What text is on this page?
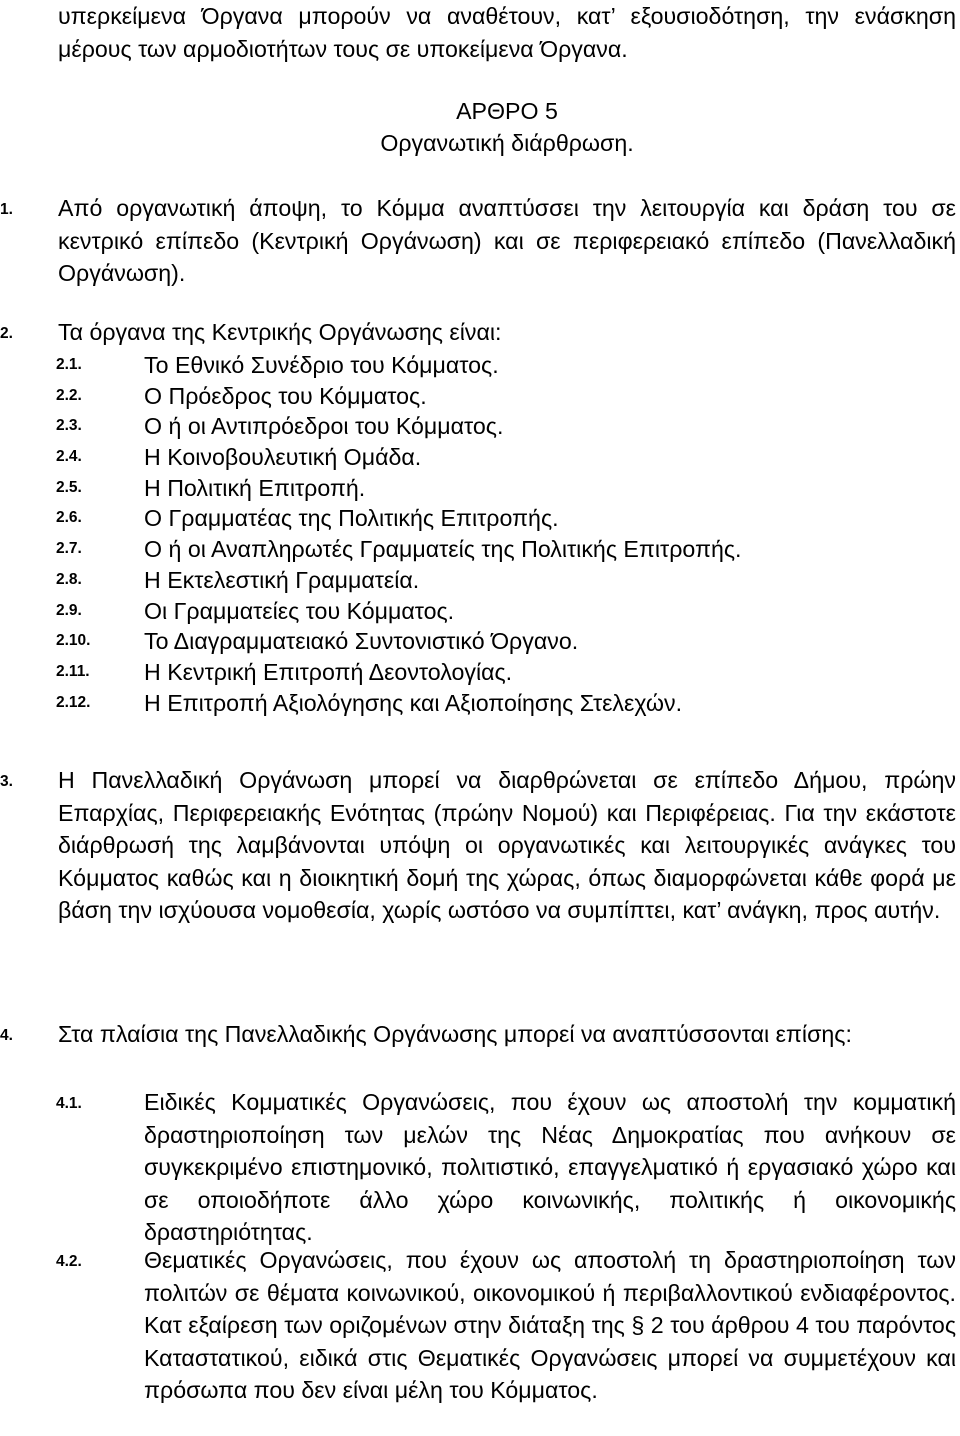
υπερκείμενα Όργανα μπορούν να αναθέτουν, κατ’ εξουσιοδότηση, την ενάσκηση μέρους των αρμοδιοτήτων τους σε υποκείμενα Όργανα.

ΑΡΘΡΟ 5

Οργανωτική διάρθρωση.

1. Από οργανωτική άποψη, το Κόμμα αναπτύσσει την λειτουργία και δράση του σε κεντρικό επίπεδο (Κεντρική Οργάνωση) και σε περιφερειακό επίπεδο (Πανελλαδική Οργάνωση).

2. Τα όργανα της Κεντρικής Οργάνωσης είναι:

2.1.	Το Εθνικό Συνέδριο του Κόμματος.
2.2.	Ο Πρόεδρος του Κόμματος.
2.3.	Ο ή οι Αντιπρόεδροι του Κόμματος.
2.4.	Η Κοινοβουλευτική Ομάδα.
2.5.	Η Πολιτική Επιτροπή.
2.6.	Ο Γραμματέας της Πολιτικής Επιτροπής.
2.7.	Ο ή οι Αναπληρωτές Γραμματείς της Πολιτικής Επιτροπής.
2.8.	Η Εκτελεστική Γραμματεία.
2.9.	Οι Γραμματείες του Κόμματος.
2.10. Το Διαγραμματειακό Συντονιστικό Όργανο.
2.11. Η Κεντρική Επιτροπή Δεοντολογίας.
2.12. Η Επιτροπή Αξιολόγησης και Αξιοποίησης Στελεχών.
3. Η Πανελλαδική Οργάνωση μπορεί να διαρθρώνεται σε επίπεδο Δήμου, πρώην Επαρχίας, Περιφερειακής Ενότητας (πρώην Νομού) και Περιφέρειας. Για την εκάστοτε διάρθρωσή της λαμβάνονται υπόψη οι οργανωτικές και λειτουργικές ανάγκες του Κόμματος καθώς και η διοικητική δομή της χώρας, όπως διαμορφώνεται κάθε φορά με βάση την ισχύουσα νομοθεσία, χωρίς ωστόσο να συμπίπτει, κατ’ ανάγκη, προς αυτήν.

4. Στα πλαίσια της Πανελλαδικής Οργάνωσης μπορεί να αναπτύσσονται επίσης:

4.1.	Ειδικές Κομματικές Οργανώσεις, που έχουν ως αποστολή την κομματική δραστηριοποίηση των μελών της Νέας Δημοκρατίας που ανήκουν σε συγκεκριμένο επιστημονικό, πολιτιστικό, επαγγελματικό ή εργασιακό χώρο και σε οποιοδήποτε άλλο χώρο κοινωνικής, πολιτικής ή οικονομικής δραστηριότητας.

4.2.	Θεματικές Οργανώσεις, που έχουν ως αποστολή τη δραστηριοποίηση των πολιτών σε θέματα κοινωνικού, οικονομικού ή περιβαλλοντικού ενδιαφέροντος. Κατ εξαίρεση των οριζομένων στην διάταξη της § 2 του άρθρου 4 του παρόντος Καταστατικού, ειδικά στις Θεματικές Οργανώσεις μπορεί να συμμετέχουν και πρόσωπα που δεν είναι μέλη του Κόμματος.
